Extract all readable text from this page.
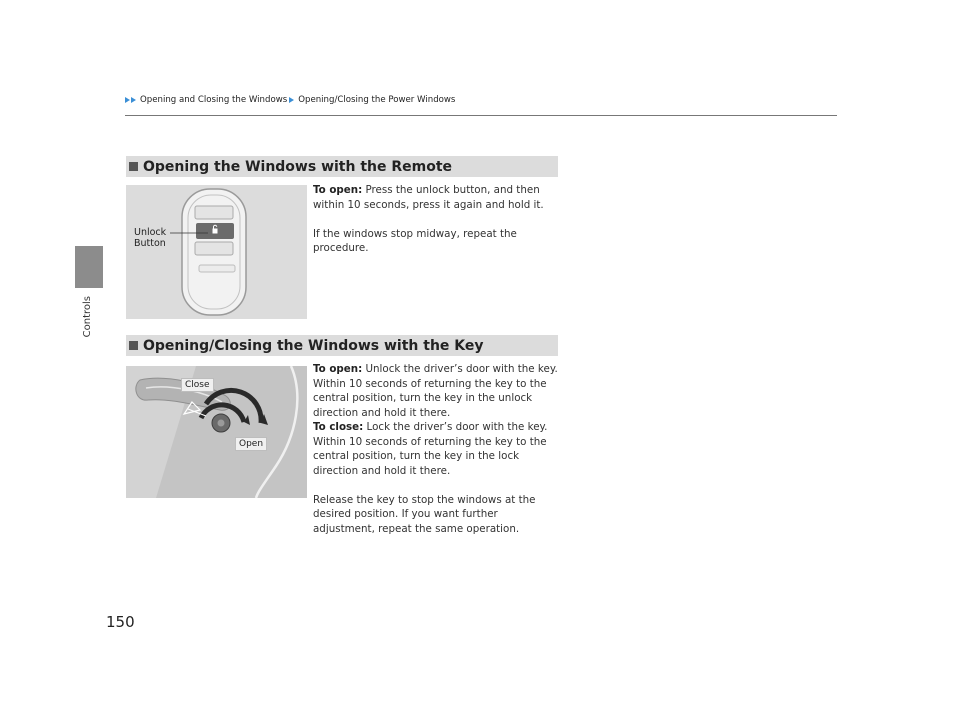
Opening and Closing the Windows Opening/Closing the Power Windows
Controls
Opening the Windows with the Remote
Unlock
Button

To open: Press the unlock button, and then within 10 seconds, press it again and hold it.

If the windows stop midway, repeat the procedure.

Opening/Closing the Windows with the Key
Close
Open

To open: Unlock the driver’s door with the key. Within 10 seconds of returning the key to the central position, turn the key in the unlock direction and hold it there.

To close: Lock the driver’s door with the key. Within 10 seconds of returning the key to the central position, turn the key in the lock direction and hold it there.

Release the key to stop the windows at the desired position. If you want further adjustment, repeat the same operation.

150
